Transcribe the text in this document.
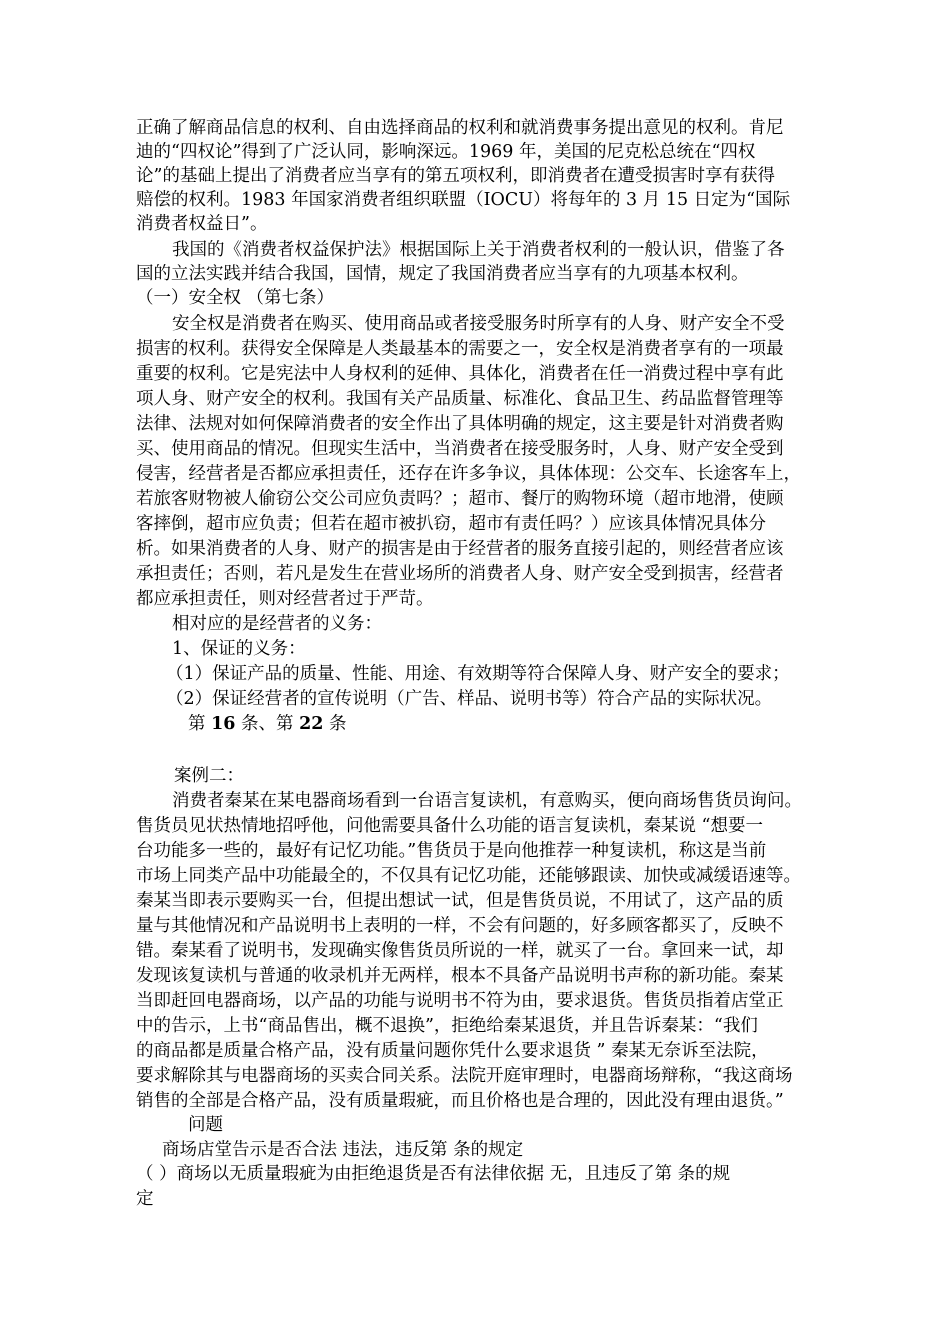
正确了解商品信息的权利、自由选择商品的权利和就消费事务提出意见的权利。肯尼
迪的“四权论”得到了广泛认同，影响深远。1969 年，美国的尼克松总统在“四权
论”的基础上提出了消费者应当享有的第五项权利，即消费者在遭受损害时享有获得
赔偿的权利。1983 年国家消费者组织联盟（IOCU）将每年的 3 月 15 日定为“国际
消费者权益日”。
我国的《消费者权益保护法》根据国际上关于消费者权利的一般认识，借鉴了各
国的立法实践并结合我国，国情，规定了我国消费者应当享有的九项基本权利。
（一）安全权 （第七条）
安全权是消费者在购买、使用商品或者接受服务时所享有的人身、财产安全不受
损害的权利。获得安全保障是人类最基本的需要之一，安全权是消费者享有的一项最
重要的权利。它是宪法中人身权利的延伸、具体化，消费者在任一消费过程中享有此
项人身、财产安全的权利。我国有关产品质量、标准化、食品卫生、药品监督管理等
法律、法规对如何保障消费者的安全作出了具体明确的规定，这主要是针对消费者购
买、使用商品的情况。但现实生活中，当消费者在接受服务时，人身、财产安全受到
侵害，经营者是否都应承担责任，还存在许多争议，具体体现：公交车、长途客车上，
若旅客财物被人偷窃公交公司应负责吗？；超市、餐厅的购物环境（超市地滑，使顾
客摔倒，超市应负责；但若在超市被扒窃，超市有责任吗？）应该具体情况具体分
析。如果消费者的人身、财产的损害是由于经营者的服务直接引起的，则经营者应该
承担责任；否则，若凡是发生在营业场所的消费者人身、财产安全受到损害，经营者
都应承担责任，则对经营者过于严苛。
相对应的是经营者的义务：
1、保证的义务：
（1）保证产品的质量、性能、用途、有效期等符合保障人身、财产安全的要求；
（2）保证经营者的宣传说明（广告、样品、说明书等）符合产品的实际状况。
第 16 条、第 22 条
案例二：
消费者秦某在某电器商场看到一台语言复读机，有意购买，便向商场售货员询问。
售货员见状热情地招呼他，问他需要具备什么功能的语言复读机，秦某说 “想要一
台功能多一些的，最好有记忆功能。”售货员于是向他推荐一种复读机，称这是当前
市场上同类产品中功能最全的，不仅具有记忆功能，还能够跟读、加快或减缓语速等。
秦某当即表示要购买一台，但提出想试一试，但是售货员说，不用试了，这产品的质
量与其他情况和产品说明书上表明的一样，不会有问题的，好多顾客都买了，反映不
错。秦某看了说明书，发现确实像售货员所说的一样，就买了一台。拿回来一试，却
发现该复读机与普通的收录机并无两样，根本不具备产品说明书声称的新功能。秦某
当即赶回电器商场，以产品的功能与说明书不符为由，要求退货。售货员指着店堂正
中的告示，上书“商品售出，概不退换”，拒绝给秦某退货，并且告诉秦某：“我们
的商品都是质量合格产品，没有质量问题你凭什么要求退货 ” 秦某无奈诉至法院，
要求解除其与电器商场的买卖合同关系。法院开庭审理时，电器商场辩称，“我这商场
销售的全部是合格产品，没有质量瑕疵，而且价格也是合理的，因此没有理由退货。”
问题
商场店堂告示是否合法 违法，违反第 条的规定
（ ）商场以无质量瑕疵为由拒绝退货是否有法律依据 无，且违反了第 条的规
定
